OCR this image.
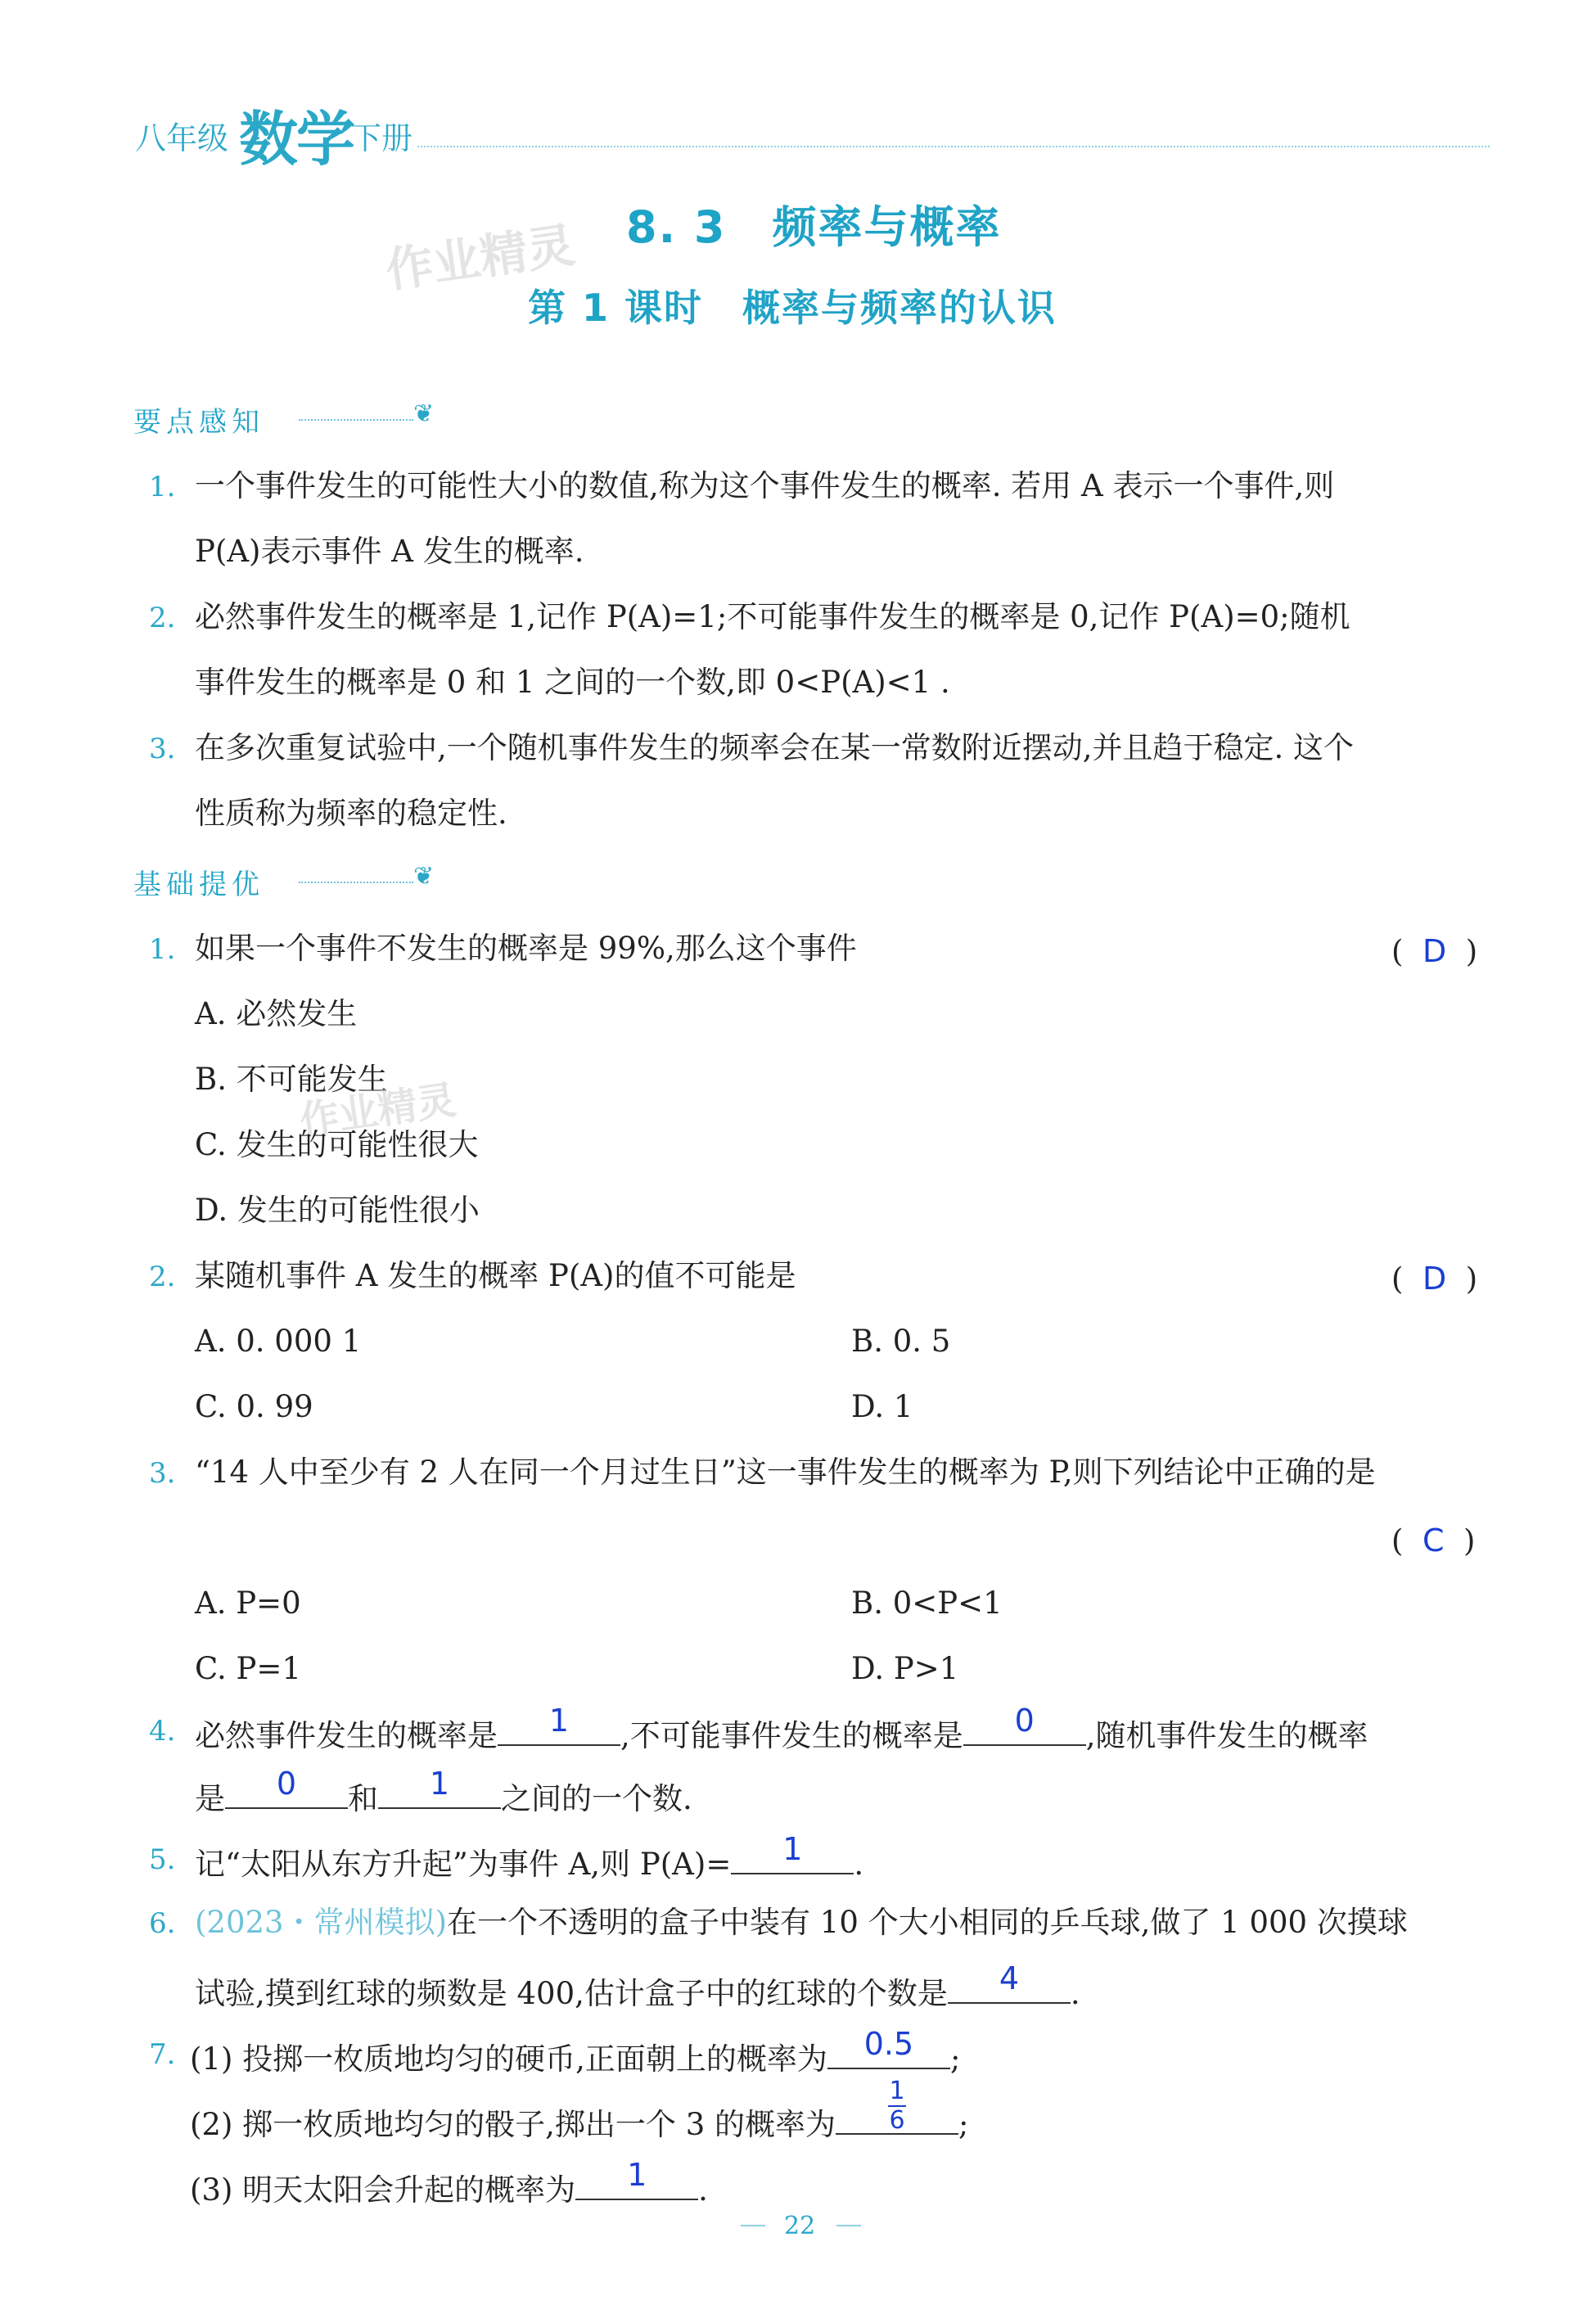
八年级 数学
下册
8. 3　频率与概率
作业精灵
第 1 课时　概率与频率的认识
要点感知	❦
1. 一个事件发生的可能性大小的数值,称为这个事件发生的概率. 若用 A 表示一个事件,则
P(A)表示事件 A 发生的概率.
2. 必然事件发生的概率是 1,记作 P(A)=1;不可能事件发生的概率是 0,记作 P(A)=0;随机
事件发生的概率是 0 和 1 之间的一个数,即 0<P(A)<1 .
3. 在多次重复试验中,一个随机事件发生的频率会在某一常数附近摆动,并且趋于稳定. 这个
性质称为频率的稳定性.
基础提优	❦
1. 如果一个事件不发生的概率是 99%,那么这个事件	( D )
A. 必然发生
B. 不可能发生
作业精灵
C. 发生的可能性很大
D. 发生的可能性很小
2. 某随机事件 A 发生的概率 P(A)的值不可能是	( D )
A. 0. 000 1	B. 0. 5
C. 0. 99	D. 1
3. “14 人中至少有 2 人在同一个月过生日”这一事件发生的概率为 P,则下列结论中正确的是
( C )
A. P=0	B. 0<P<1
C. P=1	D. P>1
4. 必然事件发生的概率是	1	,不可能事件发生的概率是	0	,随机事件发生的概率
是	0	和	1	之间的一个数.
5. 记“太阳从东方升起”为事件 A,则 P(A)=	1	.
6. (2023・常州模拟)在一个不透明的盒子中装有 10 个大小相同的乒乓球,做了 1 000 次摸球
试验,摸到红球的频数是 400,估计盒子中的红球的个数是	4	.
7. (1) 投掷一枚质地均匀的硬币,正面朝上的概率为	0.5	;
(2) 掷一枚质地均匀的骰子,掷出一个 3 的概率为
1
6	;
(3) 明天太阳会升起的概率为	1	.
22
